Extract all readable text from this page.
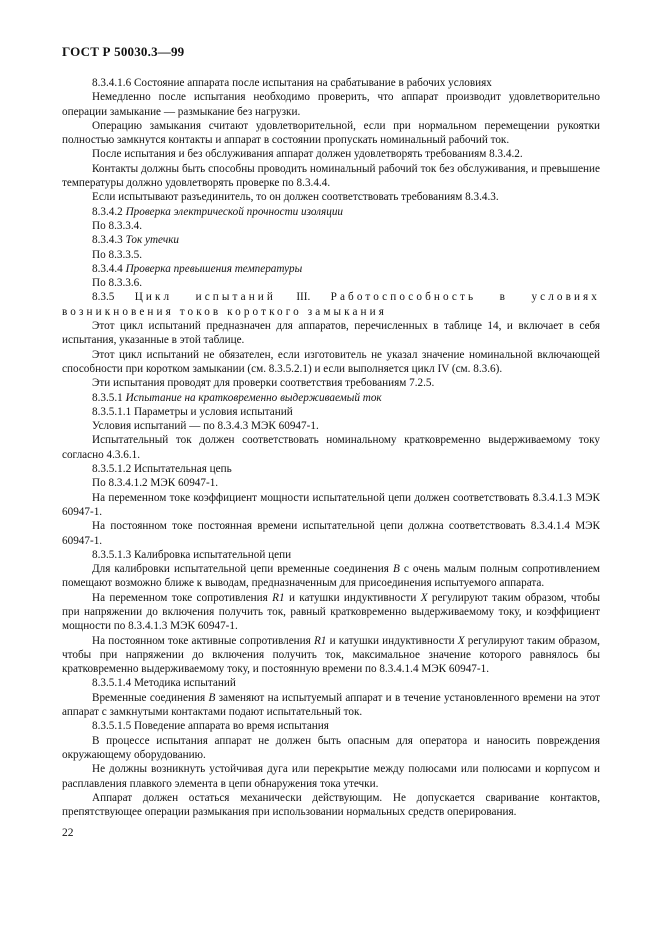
ГОСТ Р 50030.3—99

8.3.4.1.6 Состояние аппарата после испытания на срабатывание в рабочих условиях

Немедленно после испытания необходимо проверить, что аппарат производит удовлетворительно операции замыкание — размыкание без нагрузки.

Операцию замыкания считают удовлетворительной, если при нормальном перемещении рукоятки полностью замкнутся контакты и аппарат в состоянии пропускать номинальный рабочий ток.

После испытания и без обслуживания аппарат должен удовлетворять требованиям 8.3.4.2.

Контакты должны быть способны проводить номинальный рабочий ток без обслуживания, и превышение температуры должно удовлетворять проверке по 8.3.4.4.

Если испытывают разъединитель, то он должен соответствовать требованиям 8.3.4.3.

8.3.4.2 Проверка электрической прочности изоляции

По 8.3.3.4.

8.3.4.3 Ток утечки

По 8.3.3.5.

8.3.4.4 Проверка превышения температуры

По 8.3.3.6.

8.3.5 Цикл испытаний III. Работоспособность в условиях возникновения токов короткого замыкания

Этот цикл испытаний предназначен для аппаратов, перечисленных в таблице 14, и включает в себя испытания, указанные в этой таблице.

Этот цикл испытаний не обязателен, если изготовитель не указал значение номинальной включающей способности при коротком замыкании (см. 8.3.5.2.1) и если выполняется цикл IV (см. 8.3.6).

Эти испытания проводят для проверки соответствия требованиям 7.2.5.

8.3.5.1 Испытание на кратковременно выдерживаемый ток

8.3.5.1.1 Параметры и условия испытаний

Условия испытаний — по 8.3.4.3 МЭК 60947-1.

Испытательный ток должен соответствовать номинальному кратковременно выдерживаемому току согласно 4.3.6.1.

8.3.5.1.2 Испытательная цепь

По 8.3.4.1.2 МЭК 60947-1.

На переменном токе коэффициент мощности испытательной цепи должен соответствовать 8.3.4.1.3 МЭК 60947-1.

На постоянном токе постоянная времени испытательной цепи должна соответствовать 8.3.4.1.4 МЭК 60947-1.

8.3.5.1.3 Калибровка испытательной цепи

Для калибровки испытательной цепи временные соединения B с очень малым полным сопротивлением помещают возможно ближе к выводам, предназначенным для присоединения испытуемого аппарата.

На переменном токе сопротивления R1 и катушки индуктивности X регулируют таким образом, чтобы при напряжении до включения получить ток, равный кратковременно выдерживаемому току, и коэффициент мощности по 8.3.4.1.3 МЭК 60947-1.

На постоянном токе активные сопротивления R1 и катушки индуктивности X регулируют таким образом, чтобы при напряжении до включения получить ток, максимальное значение которого равнялось бы кратковременно выдерживаемому току, и постоянную времени по 8.3.4.1.4 МЭК 60947-1.

8.3.5.1.4 Методика испытаний

Временные соединения B заменяют на испытуемый аппарат и в течение установленного времени на этот аппарат с замкнутыми контактами подают испытательный ток.

8.3.5.1.5 Поведение аппарата во время испытания

В процессе испытания аппарат не должен быть опасным для оператора и наносить повреждения окружающему оборудованию.

Не должны возникнуть устойчивая дуга или перекрытие между полюсами или полюсами и корпусом и расплавления плавкого элемента в цепи обнаружения тока утечки.

Аппарат должен остаться механически действующим. Не допускается сваривание контактов, препятствующее операции размыкания при использовании нормальных средств оперирования.

22
